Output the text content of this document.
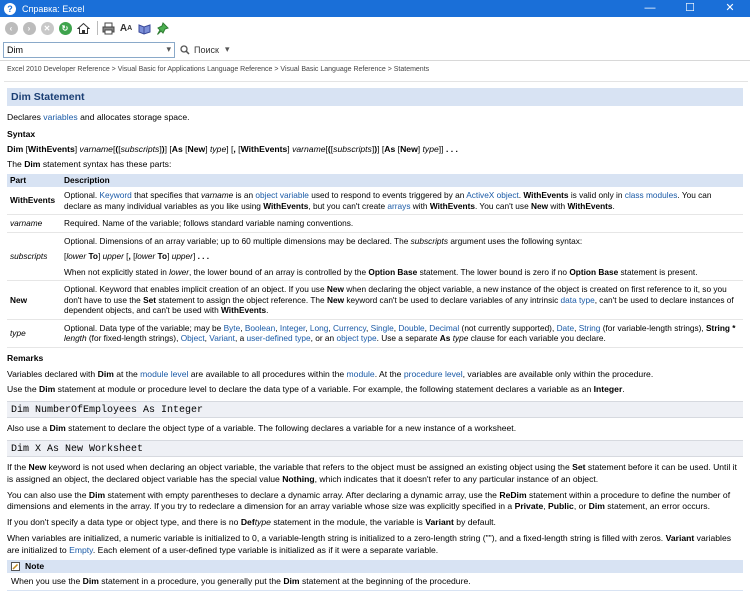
?	Справка: Excel	—	☐	✕
‹	›	✕	↻	A A
Dim	▾	Поиск ▾
Excel 2010 Developer Reference > Visual Basic for Applications Language Reference > Visual Basic Language Reference > Statements
Dim Statement
Declares variables and allocates storage space.
Syntax
Dim [WithEvents] varname[([subscripts])] [As [New] type] [, [WithEvents] varname[([subscripts])] [As [New] type]] . . .
The Dim statement syntax has these parts:
Part	Description
WithEvents	Optional. Keyword that specifies that varname is an object variable used to respond to events triggered by an ActiveX object. WithEvents is valid only in class modules. You can declare as many individual variables as you like using WithEvents, but you can't create arrays with WithEvents. You can't use New with WithEvents.
varname	Required. Name of the variable; follows standard variable naming conventions.
subscripts	Optional. Dimensions of an array variable; up to 60 multiple dimensions may be declared. The subscripts argument uses the following syntax:
[lower To] upper [, [lower To] upper] . . .
When not explicitly stated in lower, the lower bound of an array is controlled by the Option Base statement. The lower bound is zero if no Option Base statement is present.

New	Optional. Keyword that enables implicit creation of an object. If you use New when declaring the object variable, a new instance of the object is created on first reference to it, so you don't have to use the Set statement to assign the object reference. The New keyword can't be used to declare variables of any intrinsic data type, can't be used to declare instances of dependent objects, and can't be used with WithEvents.
type	Optional. Data type of the variable; may be Byte, Boolean, Integer, Long, Currency, Single, Double, Decimal (not currently supported), Date, String (for variable-length strings), String * length (for fixed-length strings), Object, Variant, a user-defined type, or an object type. Use a separate As type clause for each variable you declare.
Remarks
Variables declared with Dim at the module level are available to all procedures within the module. At the procedure level, variables are available only within the procedure.
Use the Dim statement at module or procedure level to declare the data type of a variable. For example, the following statement declares a variable as an Integer.
Dim NumberOfEmployees As Integer
Also use a Dim statement to declare the object type of a variable. The following declares a variable for a new instance of a worksheet.
Dim X As New Worksheet
If the New keyword is not used when declaring an object variable, the variable that refers to the object must be assigned an existing object using the Set statement before it can be used. Until it is assigned an object, the declared object variable has the special value Nothing, which indicates that it doesn't refer to any particular instance of an object.
You can also use the Dim statement with empty parentheses to declare a dynamic array. After declaring a dynamic array, use the ReDim statement within a procedure to define the number of dimensions and elements in the array. If you try to redeclare a dimension for an array variable whose size was explicitly specified in a Private, Public, or Dim statement, an error occurs.
If you don't specify a data type or object type, and there is no Deftype statement in the module, the variable is Variant by default.
When variables are initialized, a numeric variable is initialized to 0, a variable-length string is initialized to a zero-length string (""), and a fixed-length string is filled with zeros. Variant variables are initialized to Empty. Each element of a user-defined type variable is initialized as if it were a separate variable.
Note
When you use the Dim statement in a procedure, you generally put the Dim statement at the beginning of the procedure.
